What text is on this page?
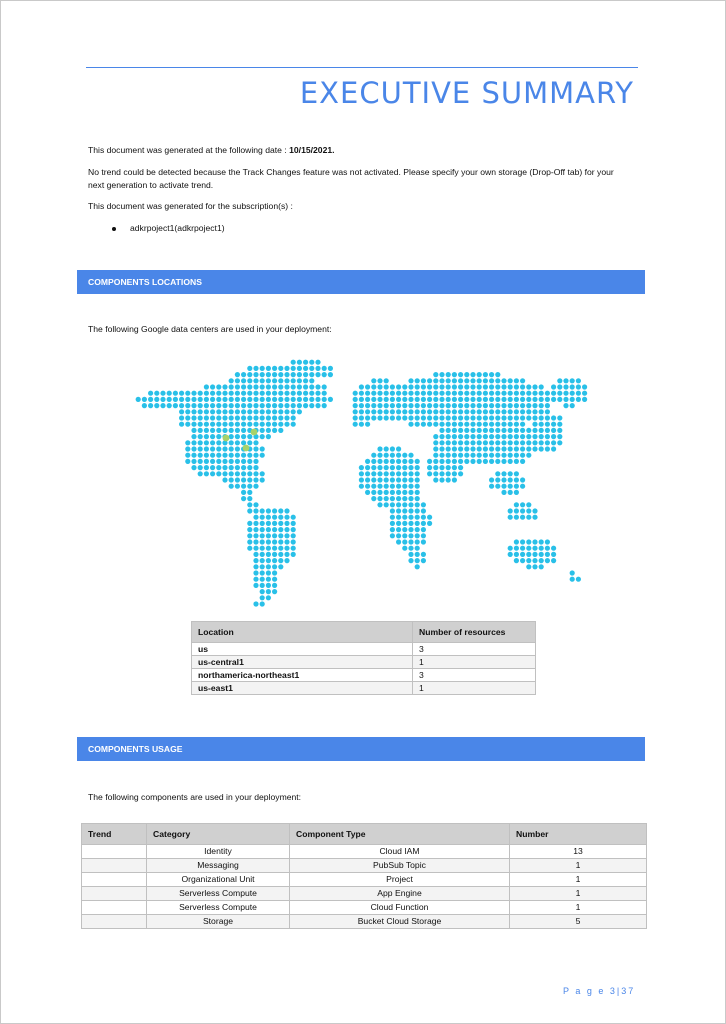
EXECUTIVE SUMMARY
This document was generated at the following date : 10/15/2021.
No trend could be detected because the Track Changes feature was not activated. Please specify your own storage (Drop-Off tab) for your next generation to activate trend.
This document was generated for the subscription(s) :
adkrpoject1(adkrpoject1)
COMPONENTS LOCATIONS
The following Google data centers are used in your deployment:
Location	Number of resources
us	3
us-central1	1
northamerica-northeast1	3
us-east1	1
COMPONENTS USAGE
The following components are used in your deployment:
Trend	Category	Component Type	Number
	Identity	Cloud IAM	13
	Messaging	PubSub Topic	1
	Organizational Unit	Project	1
	Serverless Compute	App Engine	1
	Serverless Compute	Cloud Function	1
	Storage	Bucket Cloud Storage	5
P a g e 3|37
